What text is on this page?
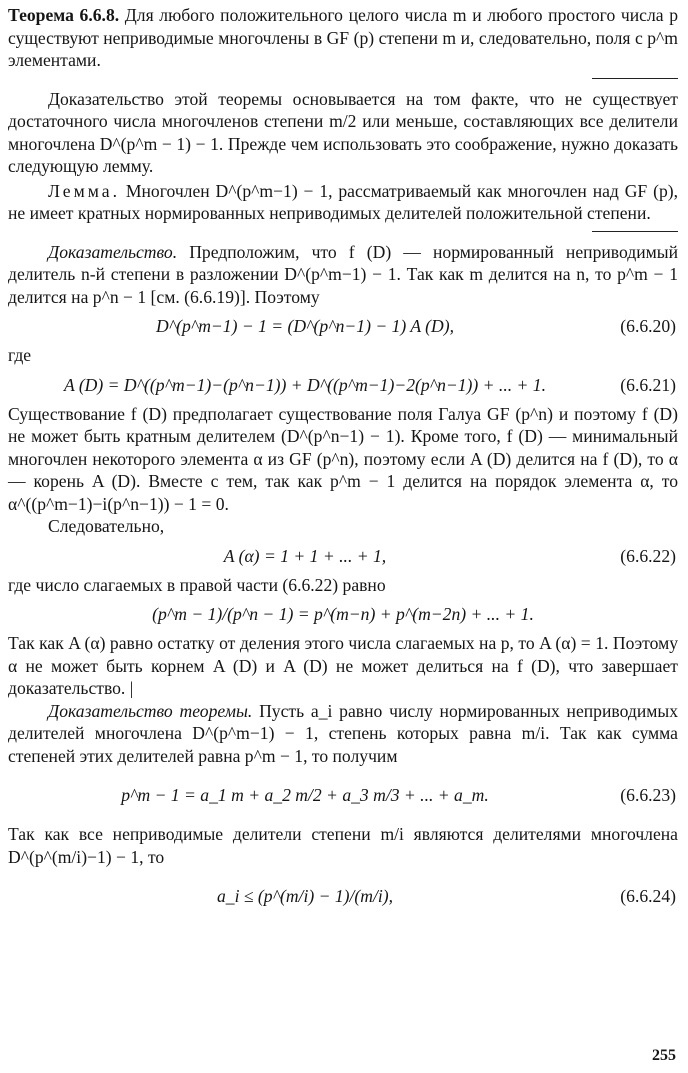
Теорема 6.6.8. Для любого положительного целого числа m и любого простого числа p существуют неприводимые многочлены в GF (p) степени m и, следовательно, поля с p^m элементами.

Доказательство этой теоремы основывается на том факте, что не существует достаточного числа многочленов степени m/2 или меньше, составляющих все делители многочлена D^(p^m − 1) − 1. Прежде чем использовать это соображение, нужно доказать следующую лемму.

Лемма. Многочлен D^(p^m−1) − 1, рассматриваемый как многочлен над GF (p), не имеет кратных нормированных неприводимых делителей положительной степени.

Доказательство. Предположим, что f (D) — нормированный неприводимый делитель n-й степени в разложении D^(p^m−1) − 1. Так как m делится на n, то p^m − 1 делится на p^n − 1 [см. (6.6.19)]. Поэтому

D^(p^m−1) − 1 = (D^(p^n−1) − 1) A (D),	(6.6.20)

где

A (D) = D^((p^m−1)−(p^n−1)) + D^((p^m−1)−2(p^n−1)) + ... + 1.	(6.6.21)

Существование f (D) предполагает существование поля Галуа GF (p^n) и поэтому f (D) не может быть кратным делителем (D^(p^n−1) − 1). Кроме того, f (D) — минимальный многочлен некоторого элемента α из GF (p^n), поэтому если A (D) делится на f (D), то α — корень A (D). Вместе с тем, так как p^m − 1 делится на порядок элемента α, то α^((p^m−1)−i(p^n−1)) − 1 = 0.

Следовательно,

A (α) = 1 + 1 + ... + 1,	(6.6.22)

где число слагаемых в правой части (6.6.22) равно

(p^m − 1)/(p^n − 1) = p^(m−n) + p^(m−2n) + ... + 1.

Так как A (α) равно остатку от деления этого числа слагаемых на p, то A (α) = 1. Поэтому α не может быть корнем A (D) и A (D) не может делиться на f (D), что завершает доказательство. |

Доказательство теоремы. Пусть a_i равно числу нормированных неприводимых делителей многочлена D^(p^m−1) − 1, степень которых равна m/i. Так как сумма степеней этих делителей равна p^m − 1, то получим

p^m − 1 = a_1 m + a_2 m/2 + a_3 m/3 + ... + a_m.	(6.6.23)

Так как все неприводимые делители степени m/i являются делителями многочлена D^(p^(m/i)−1) − 1, то

a_i ≤ (p^(m/i) − 1)/(m/i),	(6.6.24)
255
